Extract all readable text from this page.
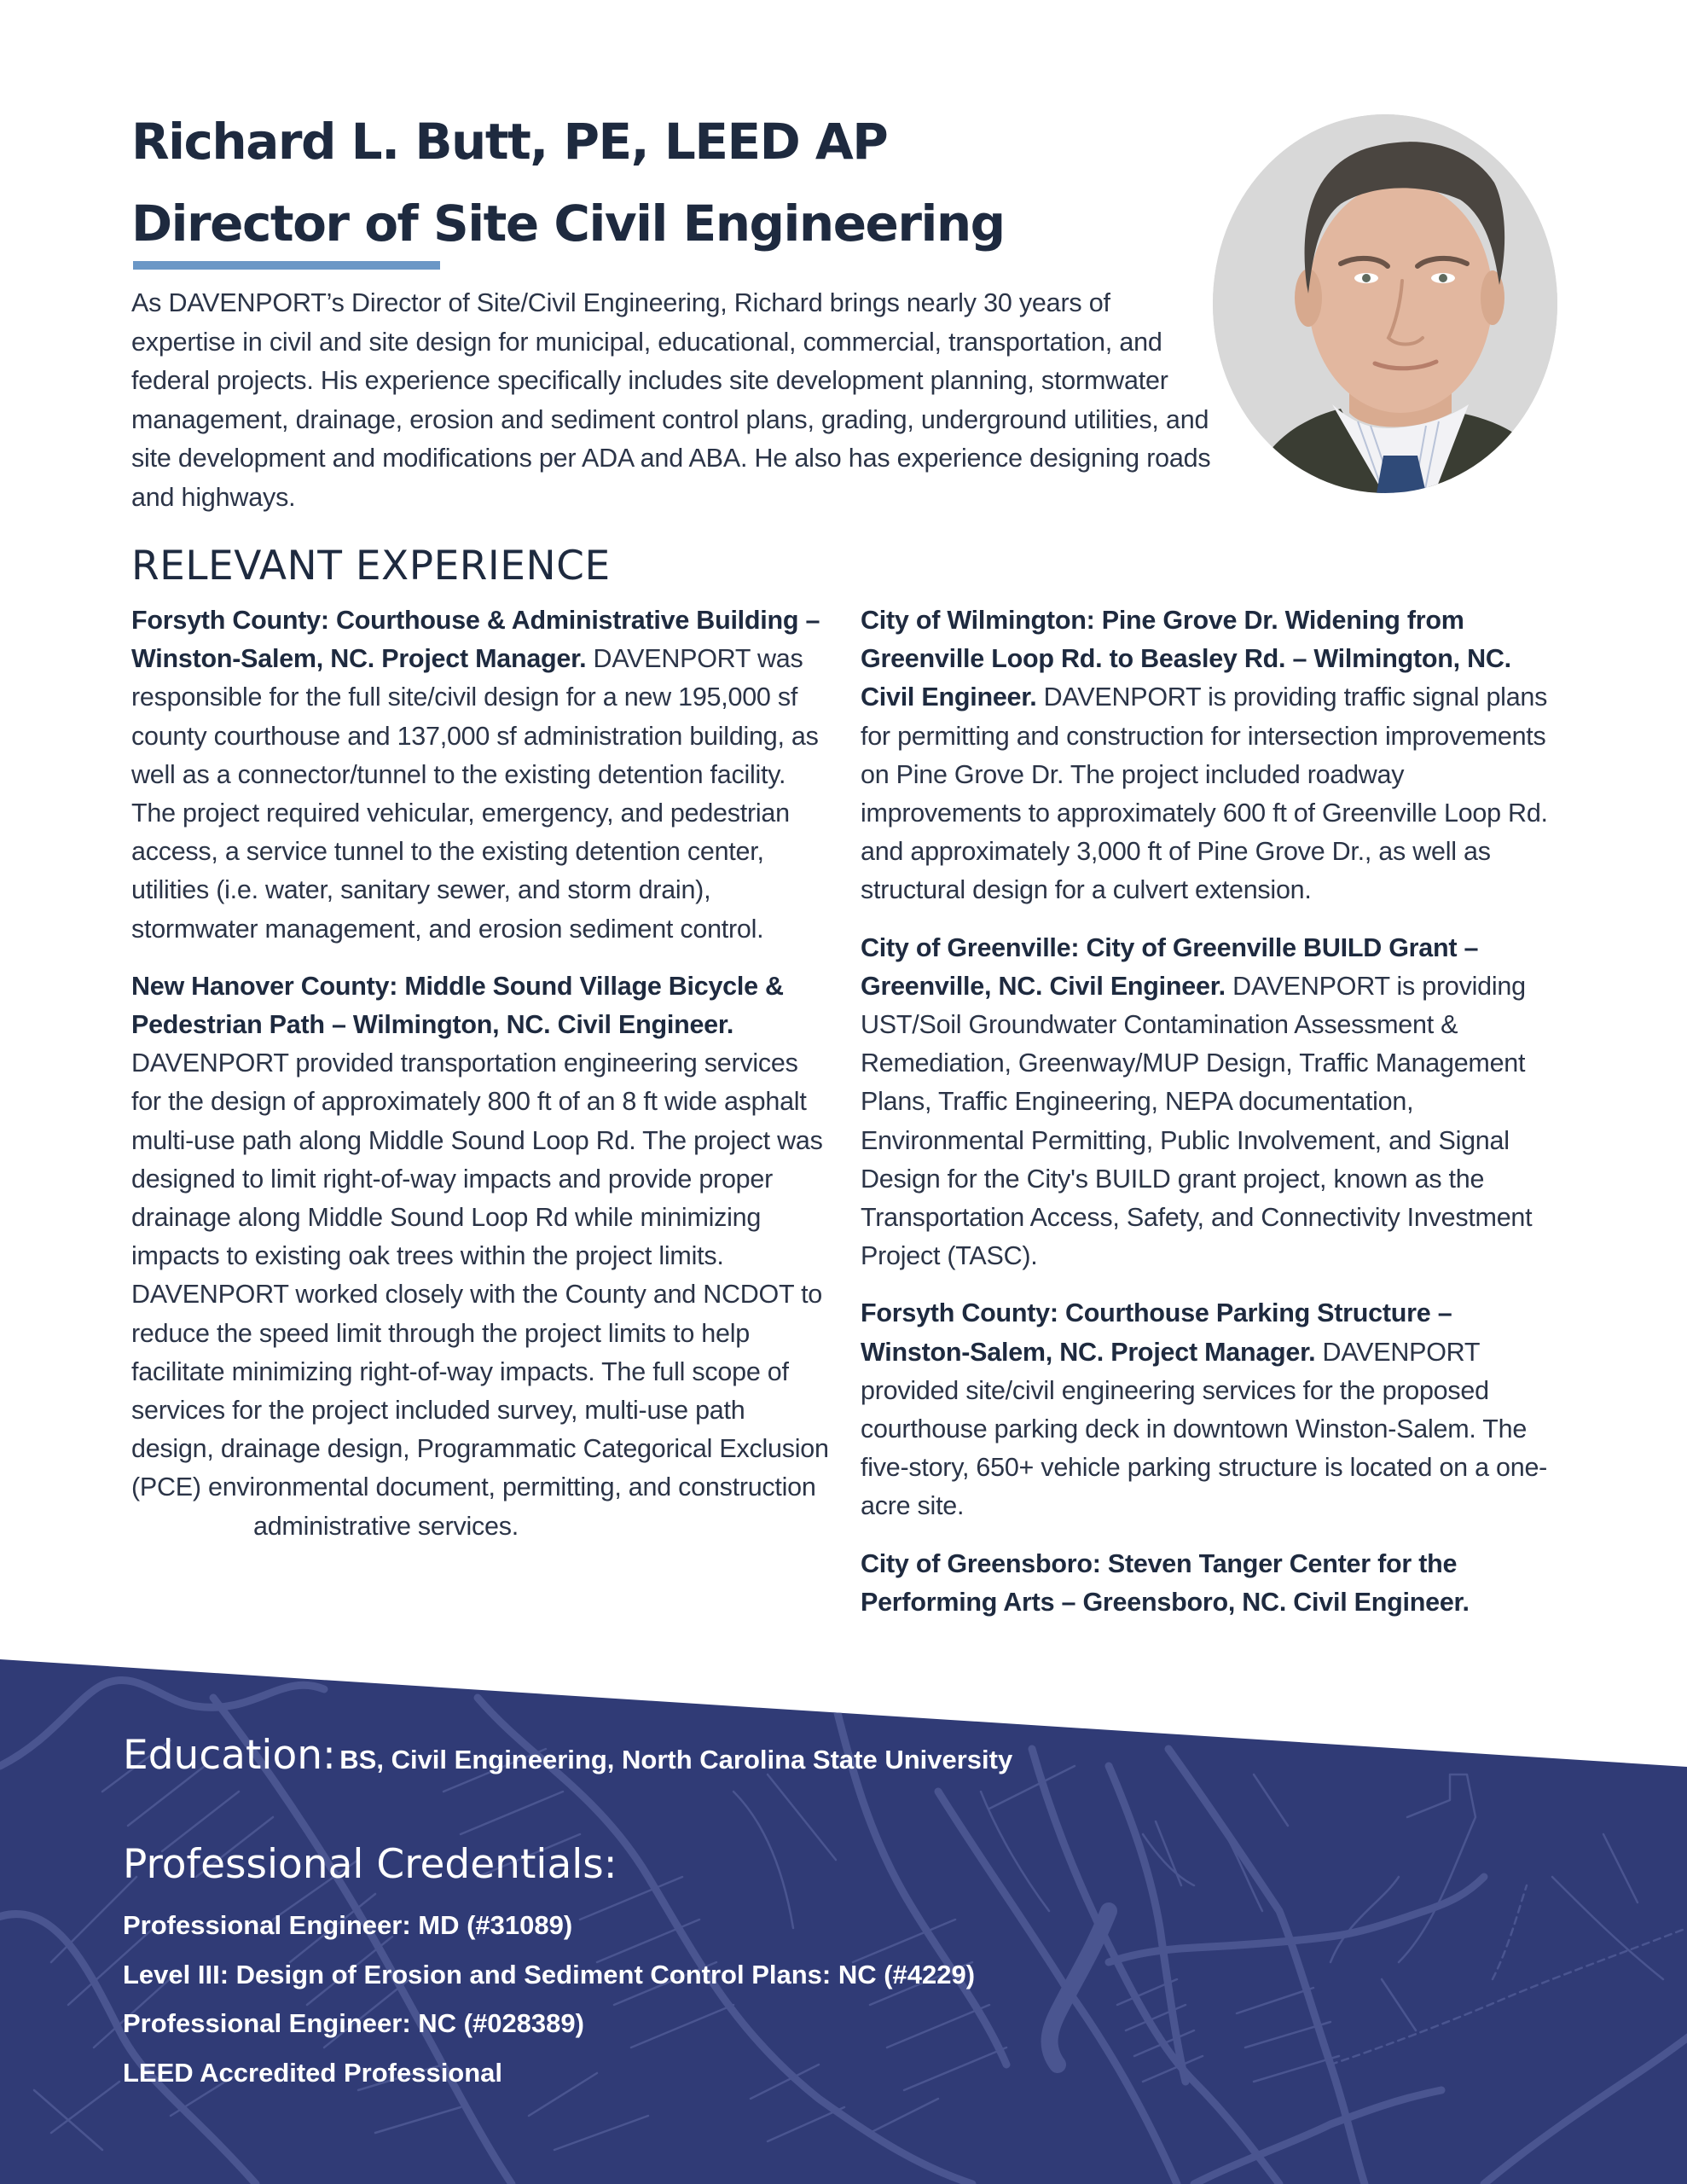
Richard L. Butt, PE, LEED AP
Director of Site Civil Engineering

As DAVENPORT’s Director of Site/Civil Engineering, Richard brings nearly 30 years of expertise in civil and site design for municipal, educational, commercial, transportation, and federal projects. His experience specifically includes site development planning, stormwater management, drainage, erosion and sediment control plans, grading, underground utilities, and site development and modifications per ADA and ABA. He also has experience designing roads and highways.

RELEVANT EXPERIENCE

Forsyth County: Courthouse & Administrative Building – Winston-Salem, NC. Project Manager. DAVENPORT was responsible for the full site/civil design for a new 195,000 sf county courthouse and 137,000 sf administration building, as well as a connector/tunnel to the existing detention facility. The project required vehicular, emergency, and pedestrian access, a service tunnel to the existing detention center, utilities (i.e. water, sanitary sewer, and storm drain), stormwater management, and erosion sediment control.

New Hanover County: Middle Sound Village Bicycle & Pedestrian Path – Wilmington, NC. Civil Engineer. DAVENPORT provided transportation engineering services for the design of approximately 800 ft of an 8 ft wide asphalt multi-use path along Middle Sound Loop Rd. The project was designed to limit right-of-way impacts and provide proper drainage along Middle Sound Loop Rd while minimizing impacts to existing oak trees within the project limits. DAVENPORT worked closely with the County and NCDOT to reduce the speed limit through the project limits to help facilitate minimizing right-of-way impacts. The full scope of services for the project included survey, multi-use path design, drainage design, Programmatic Categorical Exclusion (PCE) environmental document, permitting, and construction
administrative services.

City of Wilmington: Pine Grove Dr. Widening from Greenville Loop Rd. to Beasley Rd. – Wilmington, NC. Civil Engineer. DAVENPORT is providing traffic signal plans for permitting and construction for intersection improvements on Pine Grove Dr. The project included roadway improvements to approximately 600 ft of Greenville Loop Rd. and approximately 3,000 ft of Pine Grove Dr., as well as structural design for a culvert extension.

City of Greenville: City of Greenville BUILD Grant – Greenville, NC. Civil Engineer. DAVENPORT is providing UST/Soil Groundwater Contamination Assessment & Remediation, Greenway/MUP Design, Traffic Management Plans, Traffic Engineering, NEPA documentation, Environmental Permitting, Public Involvement, and Signal Design for the City's BUILD grant project, known as the Transportation Access, Safety, and Connectivity Investment Project (TASC).

Forsyth County: Courthouse Parking Structure – Winston-Salem, NC. Project Manager. DAVENPORT provided site/civil engineering services for the proposed courthouse parking deck in downtown Winston-Salem. The five-story, 650+ vehicle parking structure is located on a one-acre site.

City of Greensboro: Steven Tanger Center for the Performing Arts – Greensboro, NC. Civil Engineer.

Education: BS, Civil Engineering, North Carolina State University
Professional Credentials:
Professional Engineer: MD (#31089)
Level III: Design of Erosion and Sediment Control Plans: NC (#4229)
Professional Engineer: NC (#028389)
LEED Accredited Professional
